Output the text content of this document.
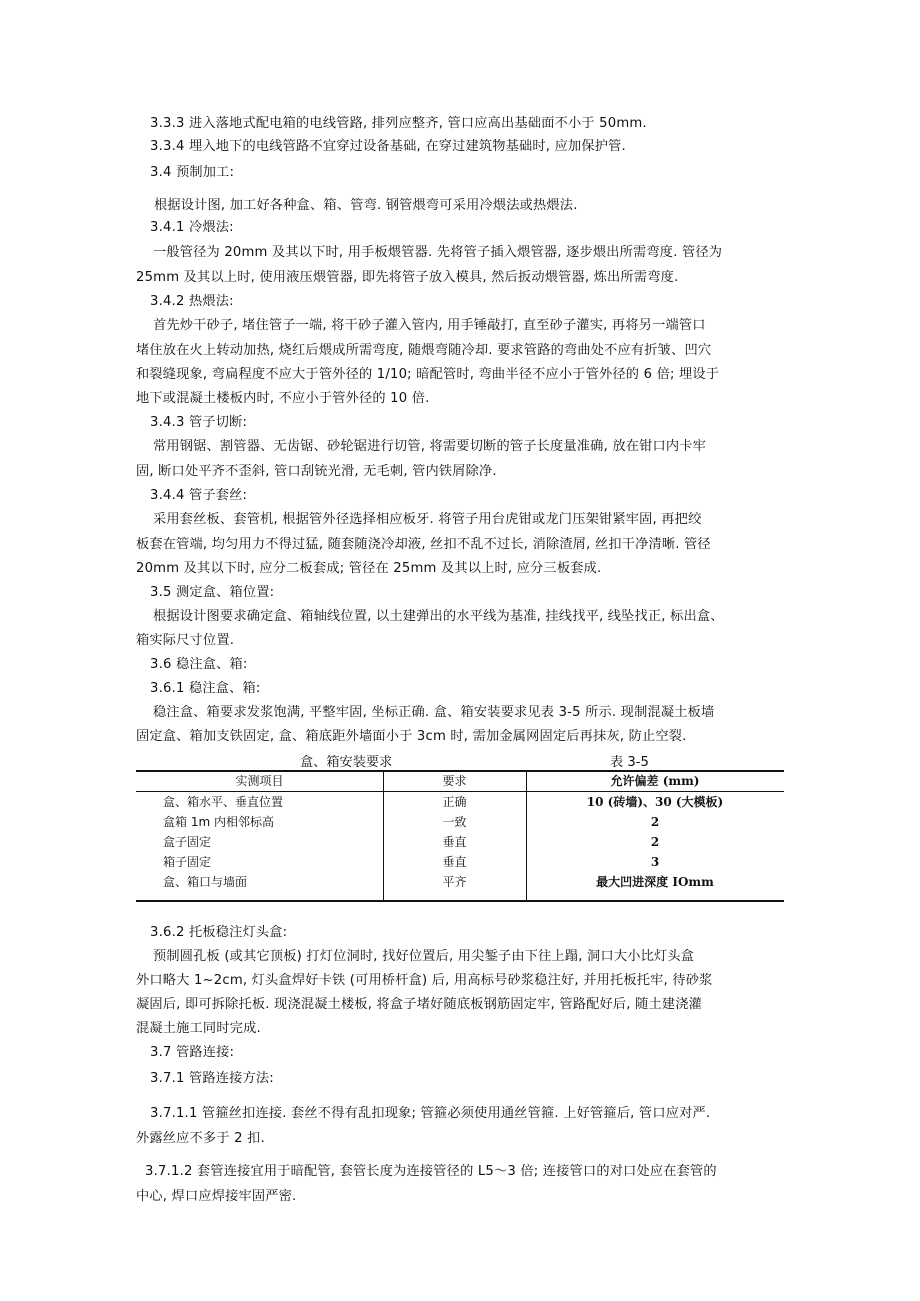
3.3.3 进入落地式配电箱的电线管路, 排列应整齐, 管口应高出基础面不小于 50mm.
3.3.4 埋入地下的电线管路不宜穿过设备基础, 在穿过建筑物基础时, 应加保护管.
3.4 预制加工:
根据设计图, 加工好各种盒、箱、管弯. 钢管煨弯可采用冷煨法或热煨法.
3.4.1 冷煨法:
一般管径为 20mm 及其以下时, 用手板煨管器. 先将管子插入煨管器, 逐步煨出所需弯度. 管径为
25mm 及其以上时, 使用液压煨管器, 即先将管子放入模具, 然后扳动煨管器, 炼出所需弯度.
3.4.2 热煨法:
首先炒干砂子, 堵住管子一端, 将干砂子灌入管内, 用手锤敲打, 直至砂子灌实, 再将另一端管口
堵住放在火上转动加热, 烧红后煨成所需弯度, 随煨弯随冷却. 要求管路的弯曲处不应有折皱、凹穴
和裂缝现象, 弯扁程度不应大于管外径的 1/10; 暗配管时, 弯曲半径不应小于管外径的 6 倍; 埋设于
地下或混凝土楼板内时, 不应小于管外径的 10 倍.
3.4.3 管子切断:
常用钢锯、割管器、无齿锯、砂轮锯进行切管, 将需要切断的管子长度量准确, 放在钳口内卡牢
固, 断口处平齐不歪斜, 管口刮铳光滑, 无毛刺, 管内铁屑除净.
3.4.4 管子套丝:
采用套丝板、套管机, 根据管外径选择相应板牙. 将管子用台虎钳或龙门压架钳紧牢固, 再把绞
板套在管端, 均匀用力不得过猛, 随套随浇冷却液, 丝扣不乱不过长, 消除渣屑, 丝扣干净清晰. 管径
20mm 及其以下时, 应分二板套成; 管径在 25mm 及其以上时, 应分三板套成.
3.5 测定盒、箱位置:
根据设计图要求确定盒、箱轴线位置, 以土建弹出的水平线为基准, 挂线找平, 线坠找正, 标出盒、
箱实际尺寸位置.
3.6 稳注盒、箱:
3.6.1 稳注盒、箱:
稳注盒、箱要求发浆饱满, 平整牢固, 坐标正确. 盒、箱安装要求见表 3-5 所示. 现制混凝土板墙
固定盒、箱加支铁固定, 盒、箱底距外墙面小于 3cm 时, 需加金属网固定后再抹灰, 防止空裂.
盒、箱安装要求	表 3-5
实测项目	要求	允许偏差 (mm)
盒、箱水平、垂直位置	正确	10 (砖墙)、30 (大模板)
盒箱 1m 内相邻标高	一致	2
盒子固定	垂直	2
箱子固定	垂直	3
盒、箱口与墙面	平齐	最大凹进深度 IOmm
3.6.2 托板稳注灯头盒:
预制圆孔板 (或其它顶板) 打灯位洞时, 找好位置后, 用尖錾子由下往上蹋, 洞口大小比灯头盒
外口略大 1~2cm, 灯头盒焊好卡铁 (可用桥杆盒) 后, 用高标号砂浆稳注好, 并用托板托牢, 待砂浆
凝固后, 即可拆除托板. 现浇混凝土楼板, 将盒子堵好随底板钢筋固定牢, 管路配好后, 随土建浇灌
混凝土施工同时完成.
3.7 管路连接:
3.7.1 管路连接方法:
3.7.1.1 管箍丝扣连接. 套丝不得有乱扣现象; 管箍必须使用通丝管箍. 上好管箍后, 管口应对严.
外露丝应不多于 2 扣.
3.7.1.2 套管连接宜用于暗配管, 套管长度为连接管径的 L5～3 倍; 连接管口的对口处应在套管的
中心, 焊口应焊接牢固严密.
